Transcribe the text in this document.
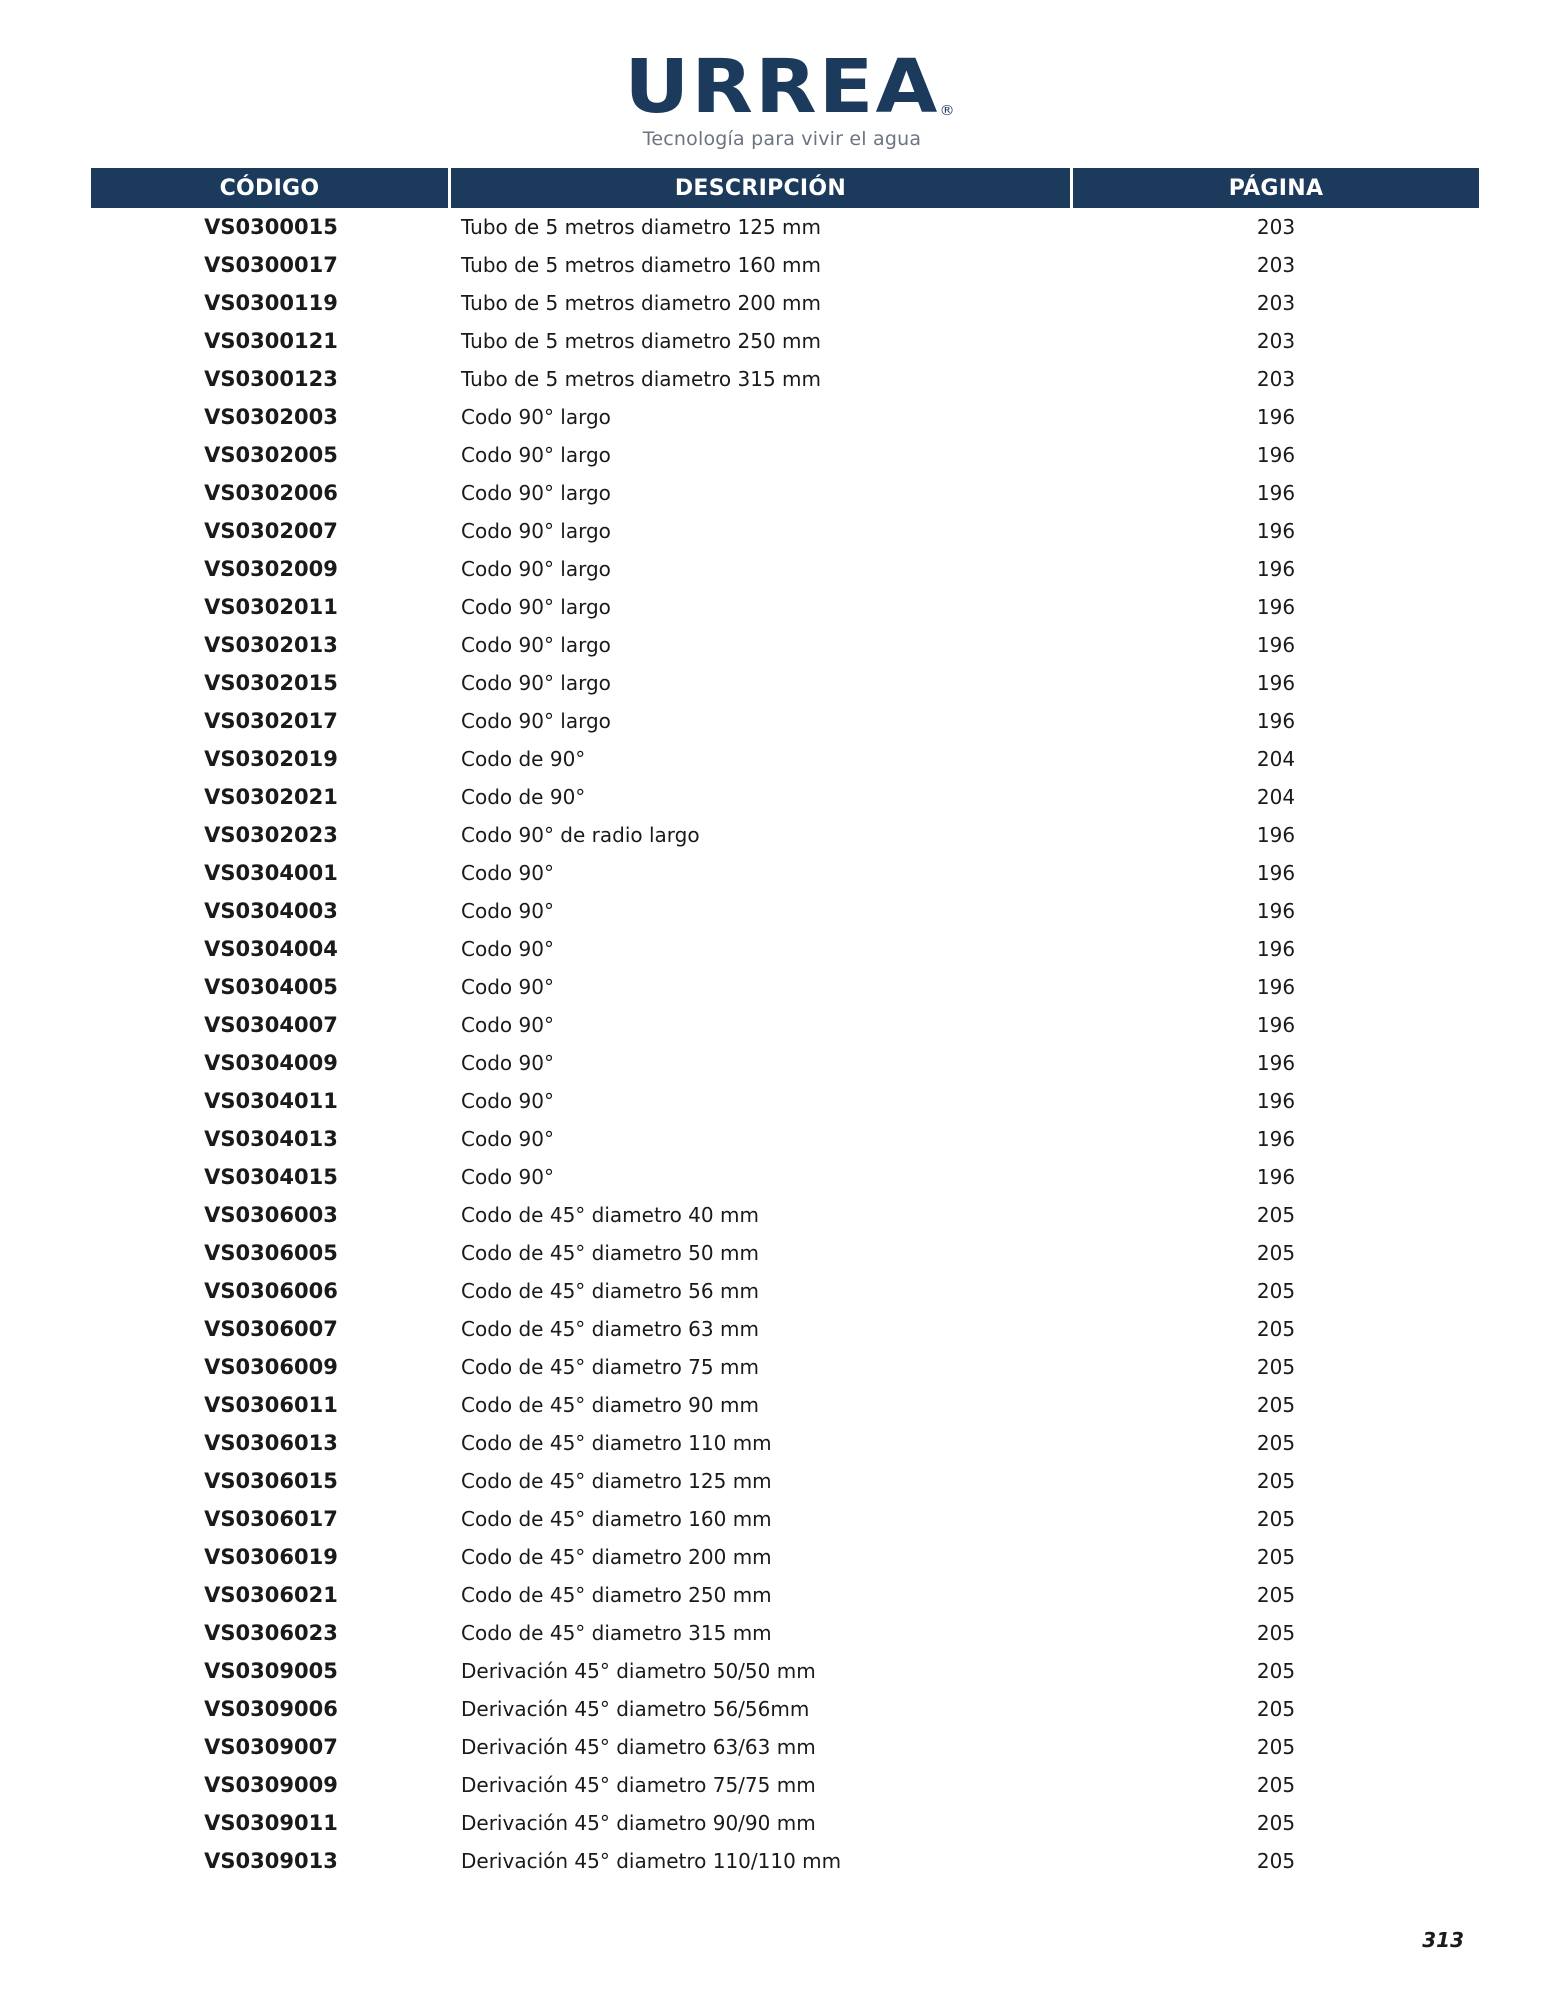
URREA ®
Tecnología para vivir el agua
CÓDIGO	DESCRIPCIÓN	PÁGINA
VS0300015	Tubo de 5 metros diametro 125 mm	203
VS0300017	Tubo de 5 metros diametro 160 mm	203
VS0300119	Tubo de 5 metros diametro 200 mm	203
VS0300121	Tubo de 5 metros diametro 250 mm	203
VS0300123	Tubo de 5 metros diametro 315 mm	203
VS0302003	Codo 90° largo	196
VS0302005	Codo 90° largo	196
VS0302006	Codo 90° largo	196
VS0302007	Codo 90° largo	196
VS0302009	Codo 90° largo	196
VS0302011	Codo 90° largo	196
VS0302013	Codo 90° largo	196
VS0302015	Codo 90° largo	196
VS0302017	Codo 90° largo	196
VS0302019	Codo de 90°	204
VS0302021	Codo de 90°	204
VS0302023	Codo 90° de radio largo	196
VS0304001	Codo 90°	196
VS0304003	Codo 90°	196
VS0304004	Codo 90°	196
VS0304005	Codo 90°	196
VS0304007	Codo 90°	196
VS0304009	Codo 90°	196
VS0304011	Codo 90°	196
VS0304013	Codo 90°	196
VS0304015	Codo 90°	196
VS0306003	Codo de 45° diametro 40 mm	205
VS0306005	Codo de 45° diametro 50 mm	205
VS0306006	Codo de 45° diametro 56 mm	205
VS0306007	Codo de 45° diametro 63 mm	205
VS0306009	Codo de 45° diametro 75 mm	205
VS0306011	Codo de 45° diametro 90 mm	205
VS0306013	Codo de 45° diametro 110 mm	205
VS0306015	Codo de 45° diametro 125 mm	205
VS0306017	Codo de 45° diametro 160 mm	205
VS0306019	Codo de 45° diametro 200 mm	205
VS0306021	Codo de 45° diametro 250 mm	205
VS0306023	Codo de 45° diametro 315 mm	205
VS0309005	Derivación 45° diametro 50/50 mm	205
VS0309006	Derivación 45° diametro 56/56mm	205
VS0309007	Derivación 45° diametro 63/63 mm	205
VS0309009	Derivación 45° diametro 75/75 mm	205
VS0309011	Derivación 45° diametro 90/90 mm	205
VS0309013	Derivación 45° diametro 110/110 mm	205
313
